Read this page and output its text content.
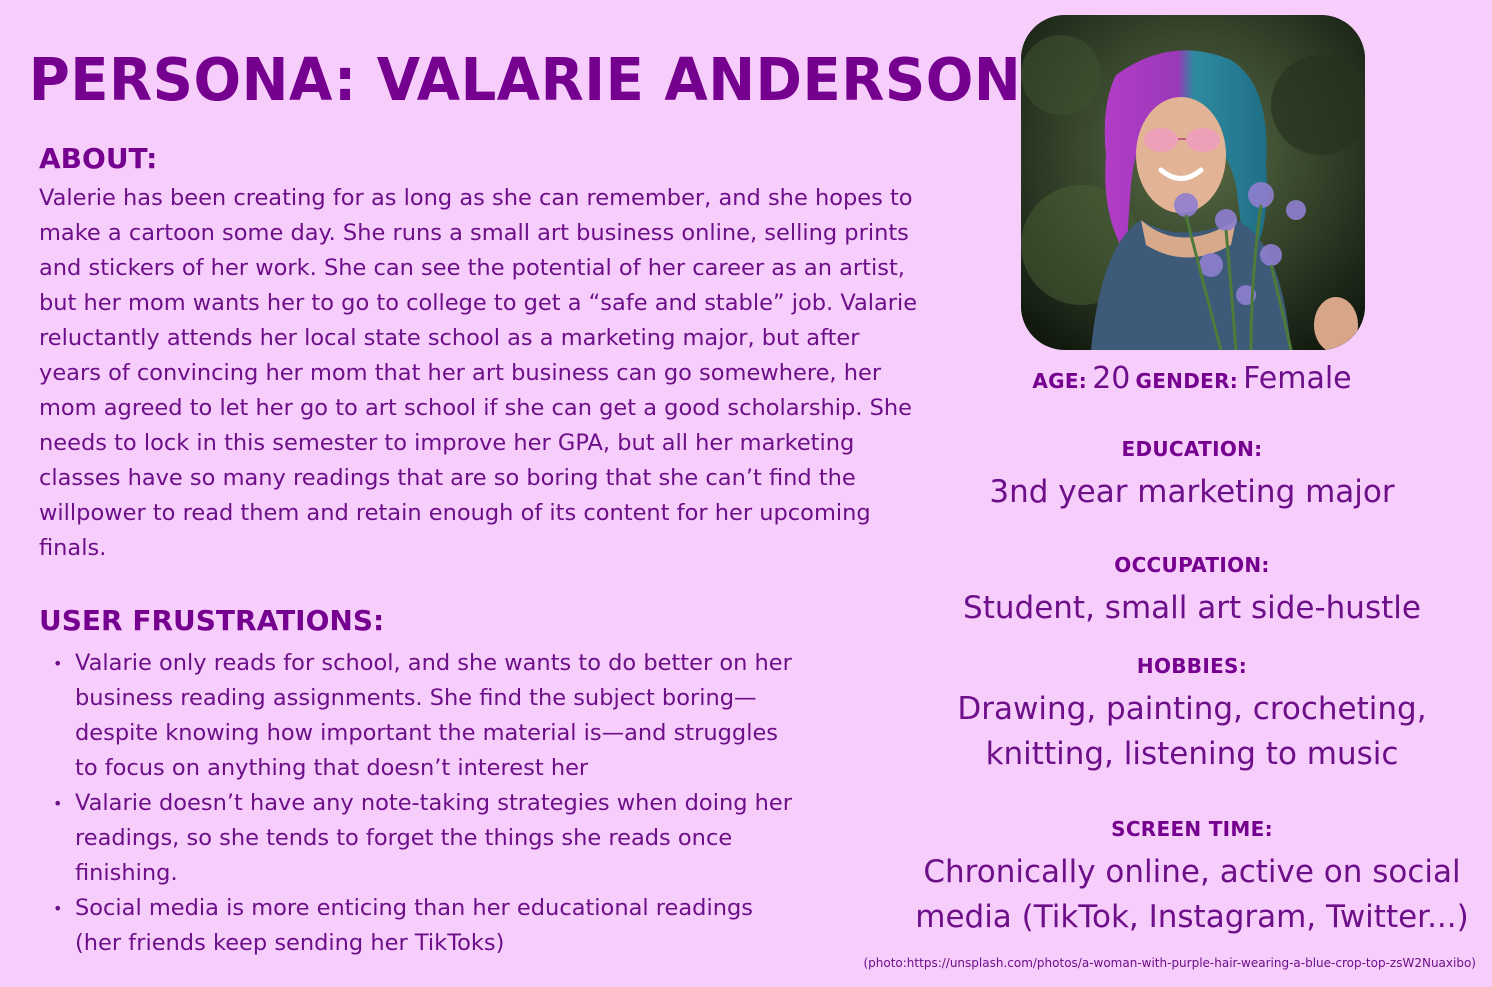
PERSONA: VALARIE ANDERSON
ABOUT:
Valerie has been creating for as long as she can remember, and she hopes to make a cartoon some day. She runs a small art business online, selling prints and stickers of her work. She can see the potential of her career as an artist, but her mom wants her to go to college to get a “safe and stable” job. Valarie reluctantly attends her local state school as a marketing major, but after years of convincing her mom that her art business can go somewhere, her mom agreed to let her go to art school if she can get a good scholarship. She needs to lock in this semester to improve her GPA, but all her marketing classes have so many readings that are so boring that she can’t find the willpower to read them and retain enough of its content for her upcoming finals.
USER FRUSTRATIONS:
• Valarie only reads for school, and she wants to do better on her business reading assignments. She find the subject boring—despite knowing how important the material is—and struggles to focus on anything that doesn’t interest her
• Valarie doesn’t have any note-taking strategies when doing her readings, so she tends to forget the things she reads once finishing.
• Social media is more enticing than her educational readings (her friends keep sending her TikToks)
AGE: 20 GENDER: Female
EDUCATION:
3nd year marketing major
OCCUPATION:
Student, small art side-hustle
HOBBIES:
Drawing, painting, crocheting,
knitting, listening to music
SCREEN TIME:
Chronically online, active on social
media (TikTok, Instagram, Twitter...)
(photo:https://unsplash.com/photos/a-woman-with-purple-hair-wearing-a-blue-crop-top-zsW2Nuaxibo)
